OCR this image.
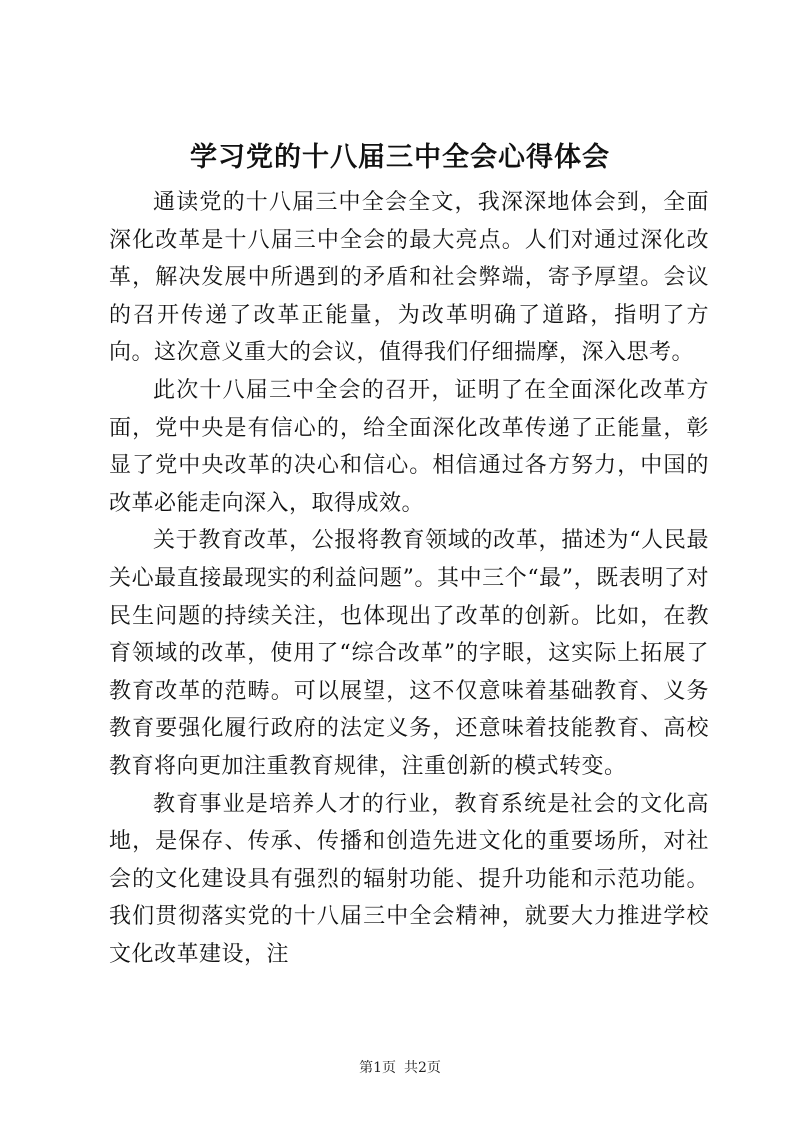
学习党的十八届三中全会心得体会

通读党的十八届三中全会全文，我深深地体会到，全面深化改革是十八届三中全会的最大亮点。人们对通过深化改革，解决发展中所遇到的矛盾和社会弊端，寄予厚望。会议的召开传递了改革正能量，为改革明确了道路，指明了方向。这次意义重大的会议，值得我们仔细揣摩，深入思考。

此次十八届三中全会的召开，证明了在全面深化改革方面，党中央是有信心的，给全面深化改革传递了正能量，彰显了党中央改革的决心和信心。相信通过各方努力，中国的改革必能走向深入，取得成效。

关于教育改革，公报将教育领域的改革，描述为“人民最关心最直接最现实的利益问题”。其中三个“最”，既表明了对民生问题的持续关注，也体现出了改革的创新。比如，在教育领域的改革，使用了“综合改革”的字眼，这实际上拓展了教育改革的范畴。可以展望，这不仅意味着基础教育、义务教育要强化履行政府的法定义务，还意味着技能教育、高校教育将向更加注重教育规律，注重创新的模式转变。

教育事业是培养人才的行业，教育系统是社会的文化高地，是保存、传承、传播和创造先进文化的重要场所，对社会的文化建设具有强烈的辐射功能、提升功能和示范功能。我们贯彻落实党的十八届三中全会精神，就要大力推进学校文化改革建设，注

第1页 共2页
